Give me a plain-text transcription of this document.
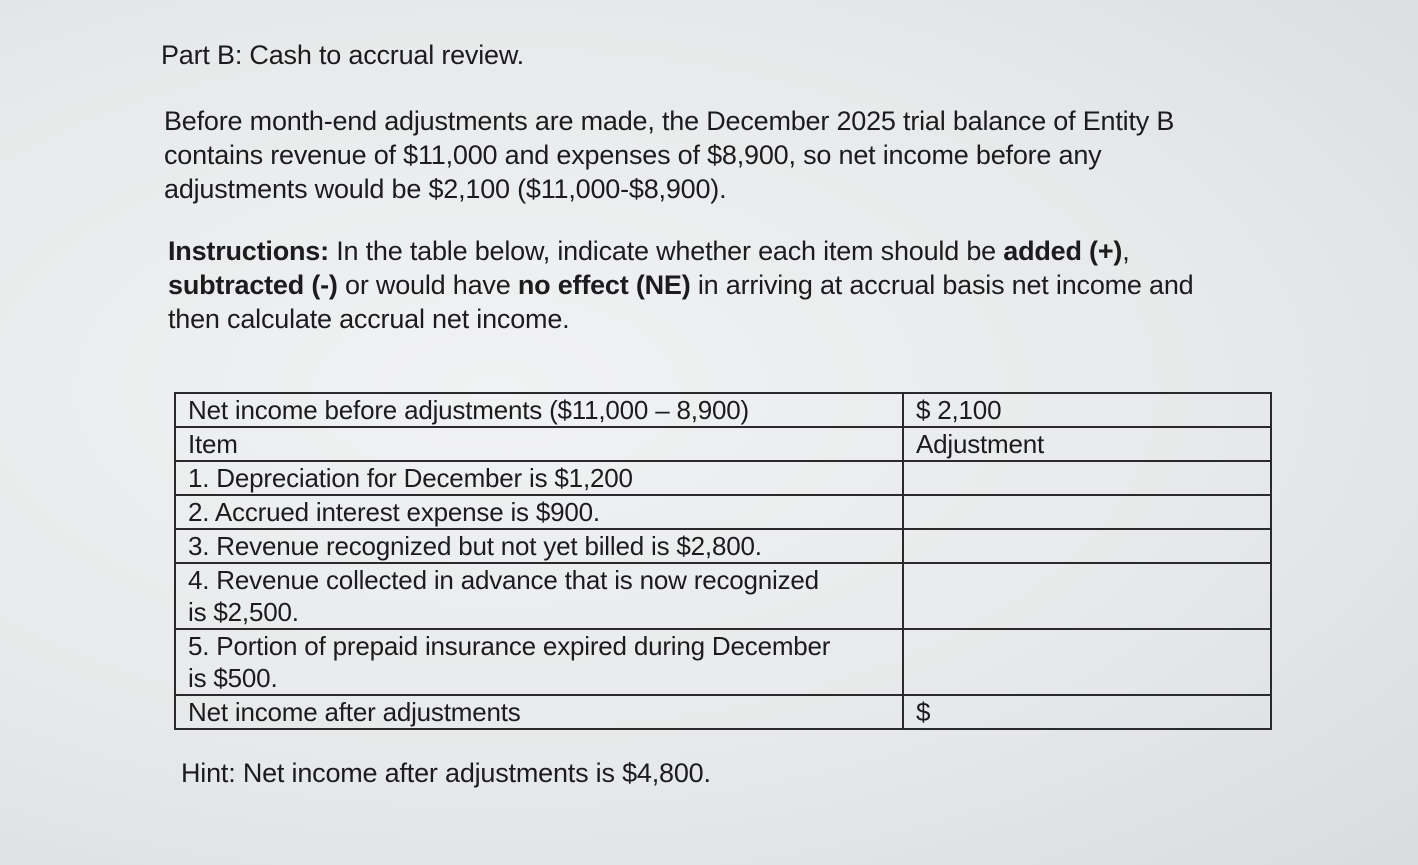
Part B: Cash to accrual review.
Before month-end adjustments are made, the December 2025 trial balance of Entity B
contains revenue of $11,000 and expenses of $8,900, so net income before any
adjustments would be $2,100 ($11,000-$8,900).
Instructions: In the table below, indicate whether each item should be added (+),
subtracted (-) or would have no effect (NE) in arriving at accrual basis net income and
then calculate accrual net income.
Net income before adjustments ($11,000 – 8,900)	$ 2,100
Item	Adjustment
1. Depreciation for December is $1,200	
2. Accrued interest expense is $900.	
3. Revenue recognized but not yet billed is $2,800.	

4. Revenue collected in advance that is now recognized
is $2,500.	

5. Portion of prepaid insurance expired during December
is $500.	

Net income after adjustments	$
Hint: Net income after adjustments is $4,800.
